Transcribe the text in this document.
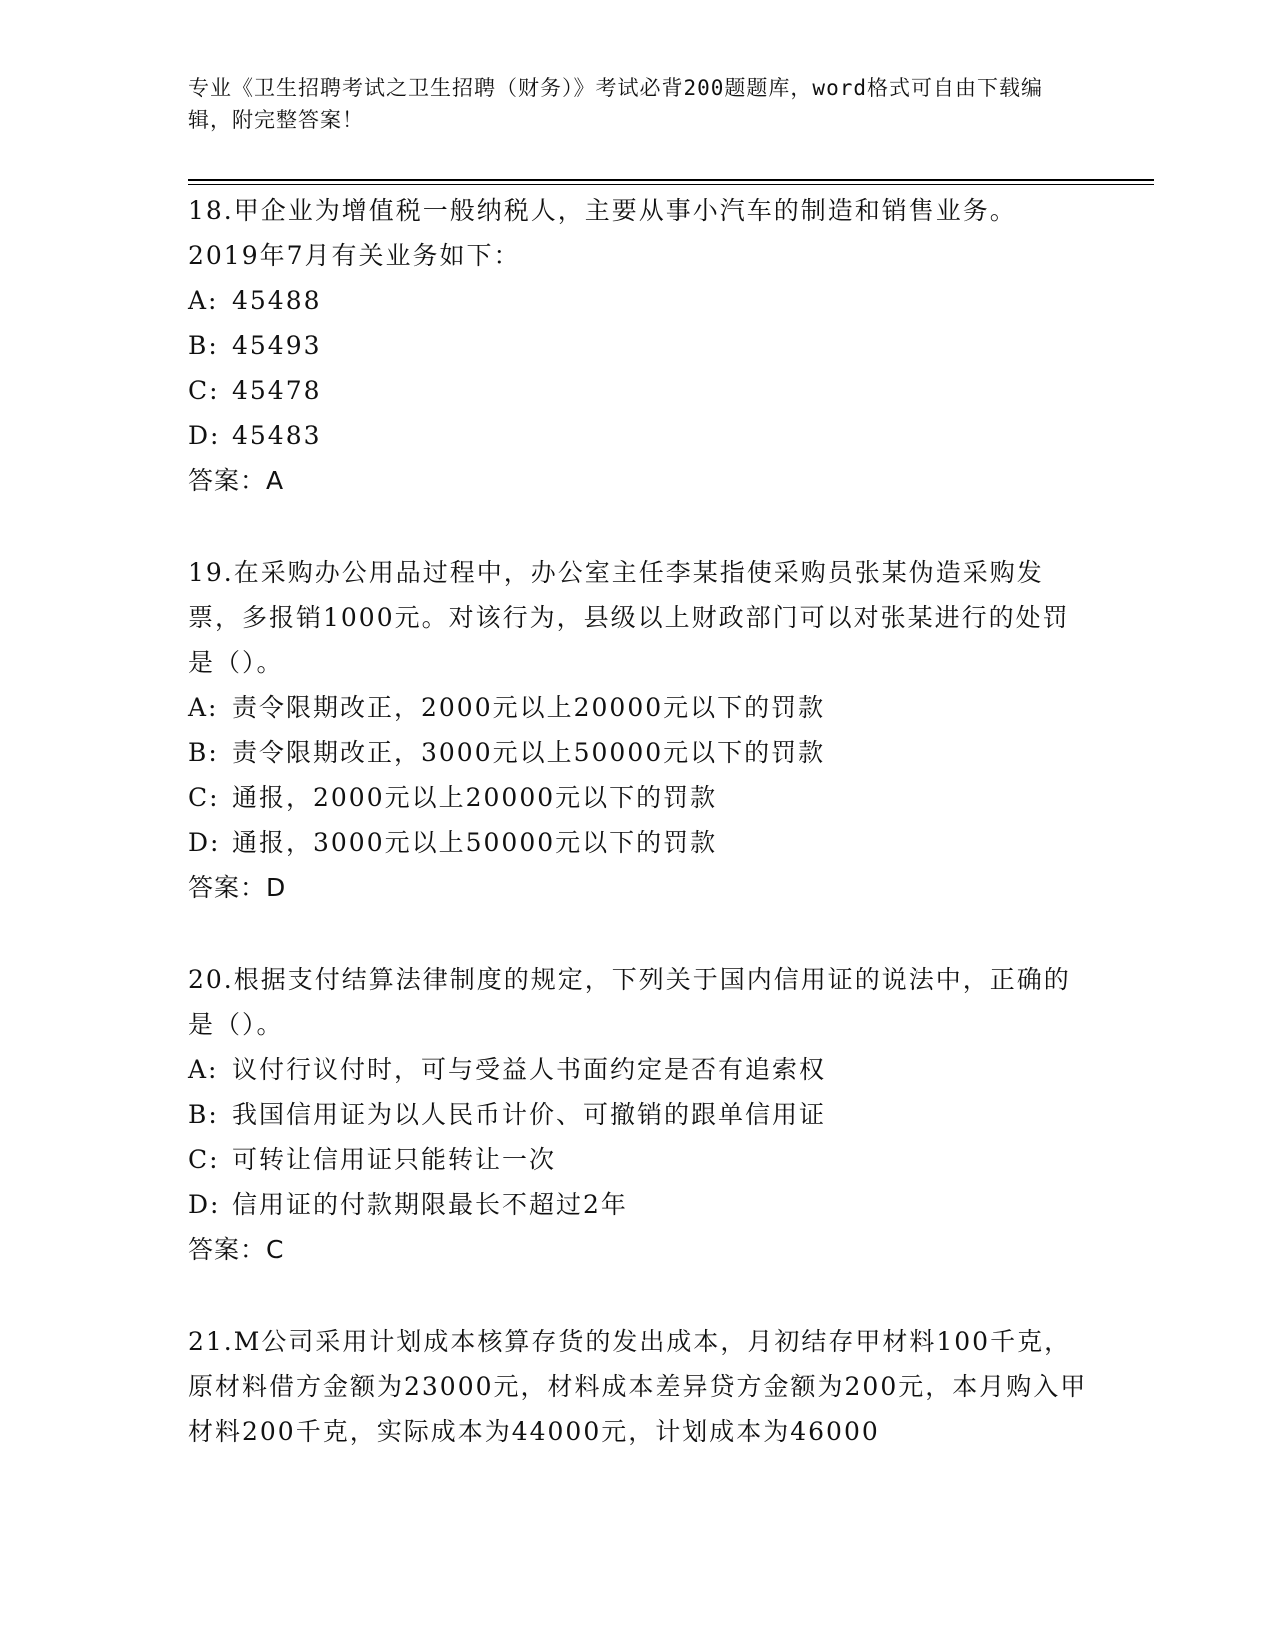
专业《卫生招聘考试之卫生招聘（财务）》考试必背200题题库，word格式可自由下载编辑，附完整答案！

18.甲企业为增值税一般纳税人，主要从事小汽车的制造和销售业务。2019年7月有关业务如下：

A: 45488

B: 45493

C: 45478

D: 45483

答案：A

19.在采购办公用品过程中，办公室主任李某指使采购员张某伪造采购发票，多报销1000元。对该行为，县级以上财政部门可以对张某进行的处罚是（）。

A: 责令限期改正，2000元以上20000元以下的罚款

B: 责令限期改正，3000元以上50000元以下的罚款

C: 通报，2000元以上20000元以下的罚款

D: 通报，3000元以上50000元以下的罚款

答案：D

20.根据支付结算法律制度的规定，下列关于国内信用证的说法中，正确的是（）。

A: 议付行议付时，可与受益人书面约定是否有追索权

B: 我国信用证为以人民币计价、可撤销的跟单信用证

C: 可转让信用证只能转让一次

D: 信用证的付款期限最长不超过2年

答案：C

21.M公司采用计划成本核算存货的发出成本，月初结存甲材料100千克，原材料借方金额为23000元，材料成本差异贷方金额为200元，本月购入甲材料200千克，实际成本为44000元，计划成本为46000
